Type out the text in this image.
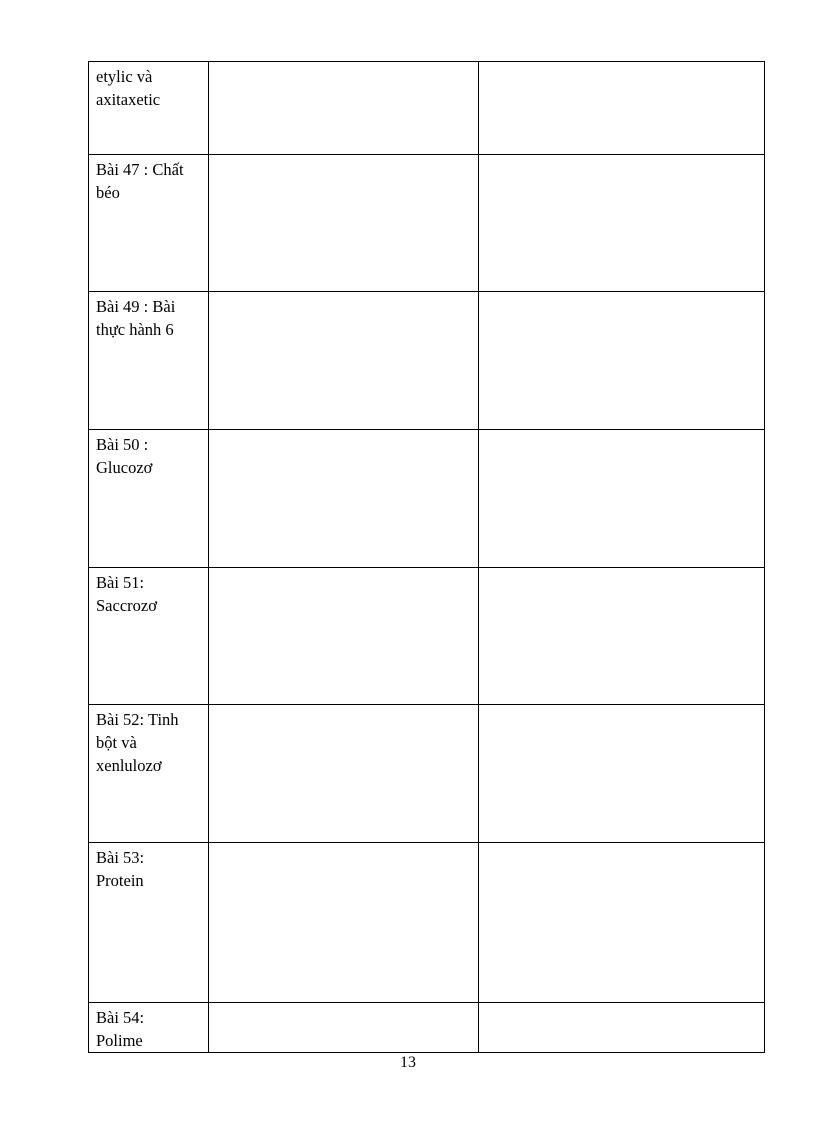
etylic và
axitaxetic		

Bài 47 : Chất
béo		

Bài 49 : Bài
thực hành 6		

Bài 50 :
Glucozơ		

Bài 51:
Saccrozơ		

Bài 52: Tinh
bột và
xenlulozơ		

Bài 53:
Protein		

Bài 54:
Polime		

13
